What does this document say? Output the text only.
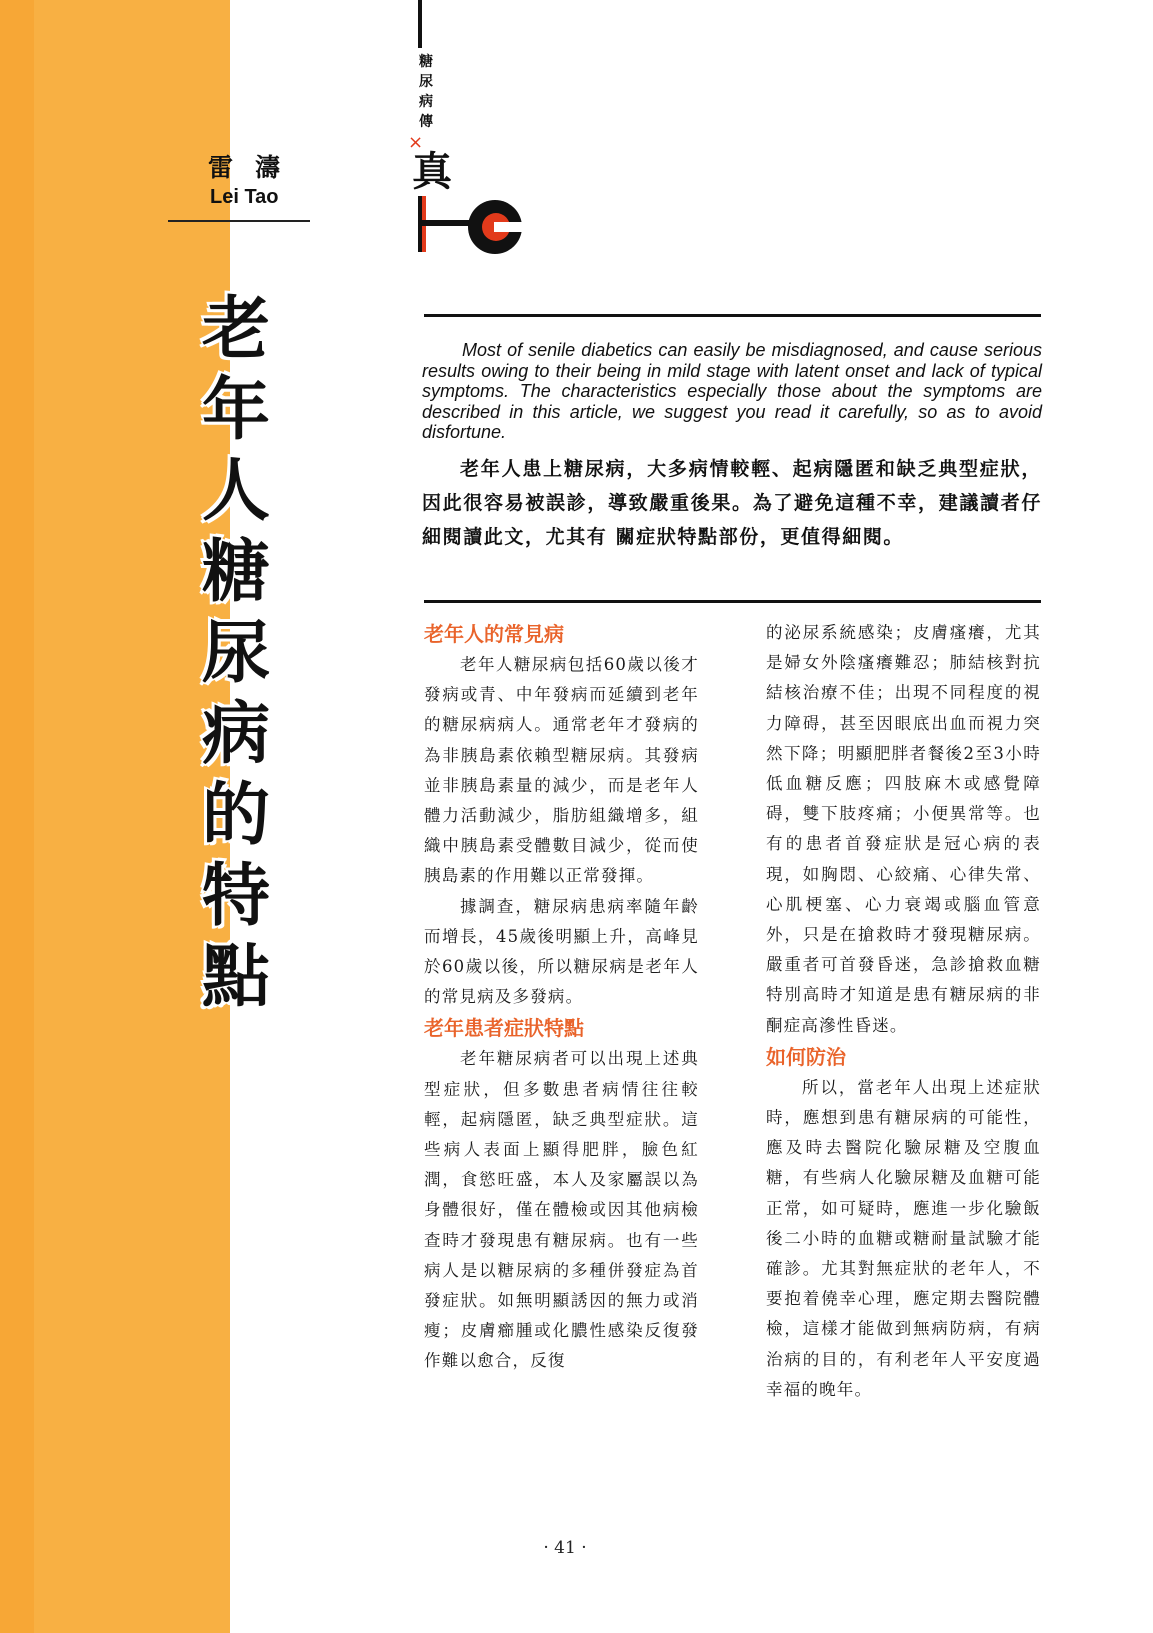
雷濤
Lei Tao
老
年
人
糖
尿
病
的
特
點
糖
尿
病
傳
×
真
Most of senile diabetics can easily be misdiagnosed, and cause serious results owing to their being in mild stage with latent onset and lack of typical symptoms. The characteristics especially those about the symptoms are described in this article, we suggest you read it carefully, so as to avoid disfortune.
老年人患上糖尿病，大多病情較輕、起病隱匿和缺乏典型症狀，因此很容易被誤診，導致嚴重後果。為了避免這種不幸，建議讀者仔細閱讀此文，尤其有 關症狀特點部份，更值得細閱。
老年人的常見病

老年人糖尿病包括60歲以後才發病或青、中年發病而延續到老年的糖尿病病人。通常老年才發病的為非胰島素依賴型糖尿病。其發病並非胰島素量的減少，而是老年人體力活動減少，脂肪組織增多，組織中胰島素受體數目減少，從而使胰島素的作用難以正常發揮。

據調查，糖尿病患病率隨年齡而增長，45歲後明顯上升，高峰見於60歲以後，所以糖尿病是老年人的常見病及多發病。

老年患者症狀特點

老年糖尿病者可以出現上述典型症狀，但多數患者病情往往較輕，起病隱匿，缺乏典型症狀。這些病人表面上顯得肥胖，臉色紅潤，食慾旺盛，本人及家屬誤以為身體很好，僅在體檢或因其他病檢查時才發現患有糖尿病。也有一些病人是以糖尿病的多種併發症為首發症狀。如無明顯誘因的無力或消瘦；皮膚癤腫或化膿性感染反復發作難以愈合，反復

的泌尿系統感染；皮膚瘙癢，尤其是婦女外陰瘙癢難忍；肺結核對抗結核治療不佳；出現不同程度的視力障碍，甚至因眼底出血而視力突然下降；明顯肥胖者餐後2至3小時低血糖反應；四肢麻木或感覺障碍，雙下肢疼痛；小便異常等。也有的患者首發症狀是冠心病的表現，如胸悶、心絞痛、心律失常、心肌梗塞、心力衰竭或腦血管意外，只是在搶救時才發現糖尿病。嚴重者可首發昏迷，急診搶救血糖特別高時才知道是患有糖尿病的非酮症高滲性昏迷。

如何防治

所以，當老年人出現上述症狀時，應想到患有糖尿病的可能性，應及時去醫院化驗尿糖及空腹血糖，有些病人化驗尿糖及血糖可能正常，如可疑時，應進一步化驗飯後二小時的血糖或糖耐量試驗才能確診。尤其對無症狀的老年人，不要抱着僥幸心理，應定期去醫院體檢，這樣才能做到無病防病，有病治病的目的，有利老年人平安度過幸福的晚年。

· 41 ·
